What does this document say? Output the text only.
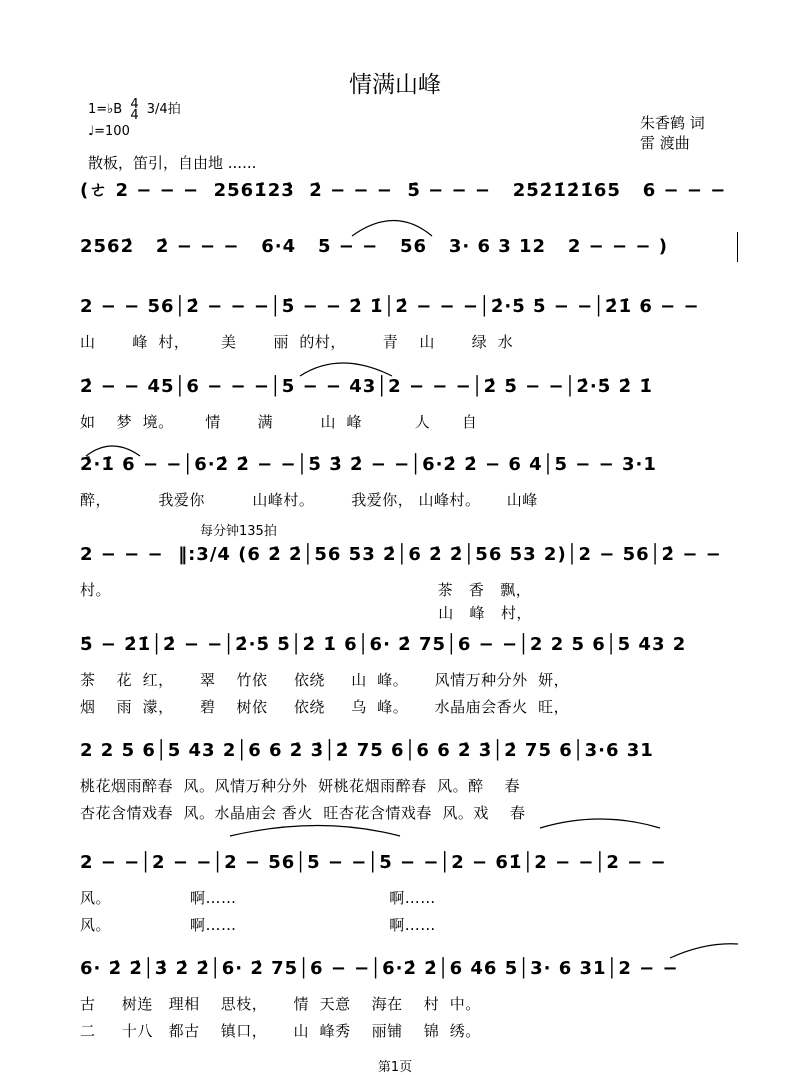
情满山峰
1=♭B 4
4 3/4拍
♩=100	朱香鹤 词
雷 渡曲
散板，笛引，自由地 ......
(ㄜ 2 − − −  2561̇23̇  2̇ − − −  5̇ − − −   25̇2̇1̇2̇1̇65   6 − − −
2562̇   2̇ − − −   6·4   5 − −   56   3· 6 3 12   2 − − − )
2 − − 56│2̇ − − −│5̇ − − 2̇ 1̇│2̇ − − −│2̇·5̇ 5̇ − −│2̇1̇ 6 − −
山       峰  村，      美       丽  的村，       青    山       绿  水
2̇ − − 45│6 − − −│5 − − 43│2 − − −│2̇ 5̇ − −│2̇·5̇ 2̇ 1̇
如    梦  境。      情       满         山  峰          人      自
2̇·1̇ 6 − −│6·2̇ 2̇ − −│5̇ 3̇ 2̇ − −│6·2̇ 2̇ − 6 4│5 − − 3·1
醉，         我爱你         山峰村。       我爱你， 山峰村。     山峰
每分钟135拍
2 − − −  ‖:3/4 (6 2̇ 2̇│56 53 2̇│6 2̇ 2̇│56 53 2)│2 − 56│2̇ − −
村。                                                              茶   香   飘，
山   峰   村，
5̇ − 2̇1̇│2̇ − −│2̇·5̇ 5̇│2̇ 1̇ 6│6· 2̇ 75│6 − −│2 2 5 6│5 43 2
茶    花  红，     翠    竹依     依绕     山  峰。     风情万种分外  妍，
烟    雨  濛，     碧    树依     依绕     乌  峰。     水晶庙会香火  旺，
2 2 5 6│5 43 2│6 6 2̇ 3̇│2̇ 75 6│6 6 2̇ 3̇│2̇ 75 6│3·6 31
桃花烟雨醉春  风。风情万种分外  妍桃花烟雨醉春  风。醉    春
杏花含情戏春  风。水晶庙会 香火  旺杏花含情戏春  风。戏    春
2 − −│2 − −│2 − 56│5 − −│5 − −│2 − 61̇│2 − −│2 − −
风。               啊……                             啊……
风。               啊……                             啊……
6· 2̇ 2̇│3̇ 2̇ 2̇│6· 2̇ 75│6 − −│6·2̇ 2̇│6 46 5│3· 6 31│2 − −
古     树连   理相    思枝，     情  天意    海在    村  中。
二     十八   都古    镇口，     山  峰秀    丽铺    锦  绣。
第1页
